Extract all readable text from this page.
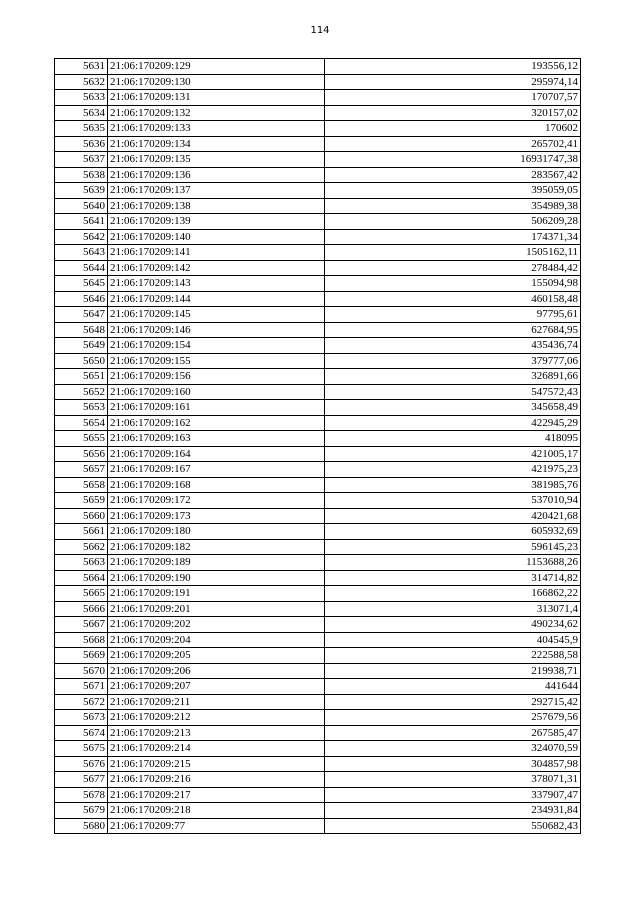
114
5631	21:06:170209:129	193556,12
5632	21:06:170209:130	295974,14
5633	21:06:170209:131	170707,57
5634	21:06:170209:132	320157,02
5635	21:06:170209:133	170602
5636	21:06:170209:134	265702,41
5637	21:06:170209:135	16931747,38
5638	21:06:170209:136	283567,42
5639	21:06:170209:137	395059,05
5640	21:06:170209:138	354989,38
5641	21:06:170209:139	506209,28
5642	21:06:170209:140	174371,34
5643	21:06:170209:141	1505162,11
5644	21:06:170209:142	278484,42
5645	21:06:170209:143	155094,98
5646	21:06:170209:144	460158,48
5647	21:06:170209:145	97795,61
5648	21:06:170209:146	627684,95
5649	21:06:170209:154	435436,74
5650	21:06:170209:155	379777,06
5651	21:06:170209:156	326891,66
5652	21:06:170209:160	547572,43
5653	21:06:170209:161	345658,49
5654	21:06:170209:162	422945,29
5655	21:06:170209:163	418095
5656	21:06:170209:164	421005,17
5657	21:06:170209:167	421975,23
5658	21:06:170209:168	381985,76
5659	21:06:170209:172	537010,94
5660	21:06:170209:173	420421,68
5661	21:06:170209:180	605932,69
5662	21:06:170209:182	596145,23
5663	21:06:170209:189	1153688,26
5664	21:06:170209:190	314714,82
5665	21:06:170209:191	166862,22
5666	21:06:170209:201	313071,4
5667	21:06:170209:202	490234,62
5668	21:06:170209:204	404545,9
5669	21:06:170209:205	222588,58
5670	21:06:170209:206	219938,71
5671	21:06:170209:207	441644
5672	21:06:170209:211	292715,42
5673	21:06:170209:212	257679,56
5674	21:06:170209:213	267585,47
5675	21:06:170209:214	324070,59
5676	21:06:170209:215	304857,98
5677	21:06:170209:216	378071,31
5678	21:06:170209:217	337907,47
5679	21:06:170209:218	234931,84
5680	21:06:170209:77	550682,43
